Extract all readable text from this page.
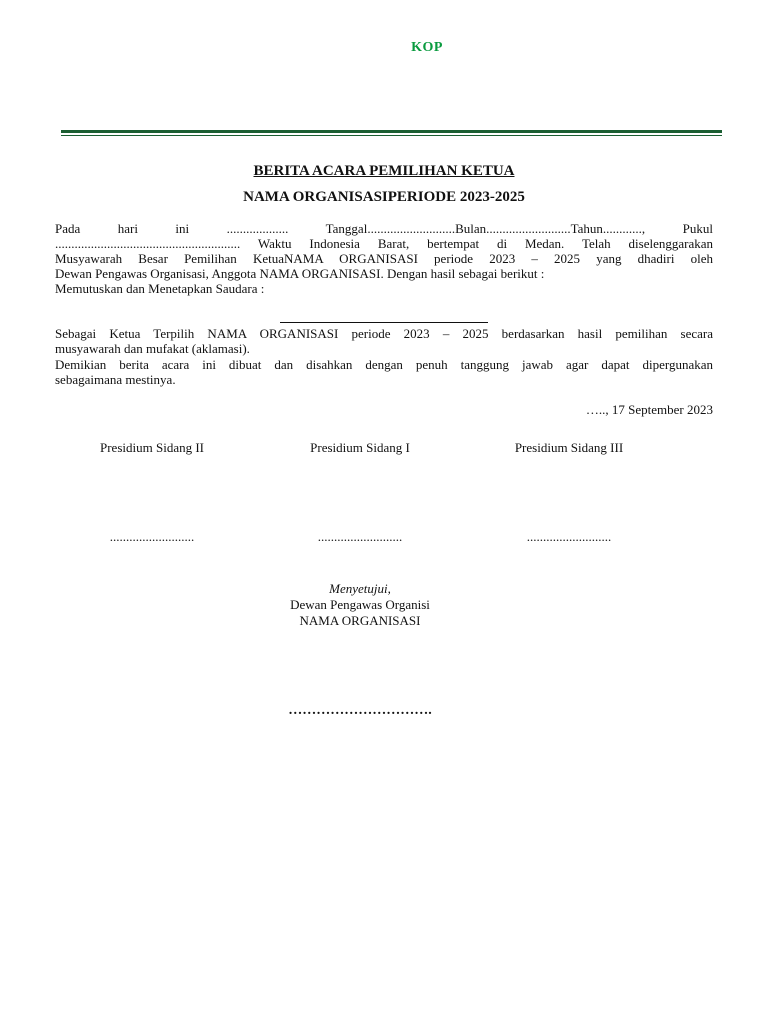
KOP
BERITA ACARA PEMILIHAN KETUA
NAMA ORGANISASIPERIODE 2023-2025
Pada hari ini ................... Tanggal...........................Bulan..........................Tahun............, Pukul
......................................................... Waktu Indonesia Barat, bertempat di Medan. Telah diselenggarakan
Musyawarah Besar Pemilihan KetuaNAMA ORGANISASI periode 2023 – 2025 yang dhadiri oleh
Dewan Pengawas Organisasi, Anggota NAMA ORGANISASI. Dengan hasil sebagai berikut :
Memutuskan dan Menetapkan Saudara :
Sebagai Ketua Terpilih NAMA ORGANISASI periode 2023 – 2025 berdasarkan hasil pemilihan secara
musyawarah dan mufakat (aklamasi).
Demikian berita acara ini dibuat dan disahkan dengan penuh tanggung jawab agar dapat dipergunakan
sebagaimana mestinya.
….., 17 September 2023
Presidium Sidang II	Presidium Sidang I	Presidium Sidang III
..........................	..........................	..........................
Menyetujui,
Dewan Pengawas Organisi
NAMA ORGANISASI
………………………….
